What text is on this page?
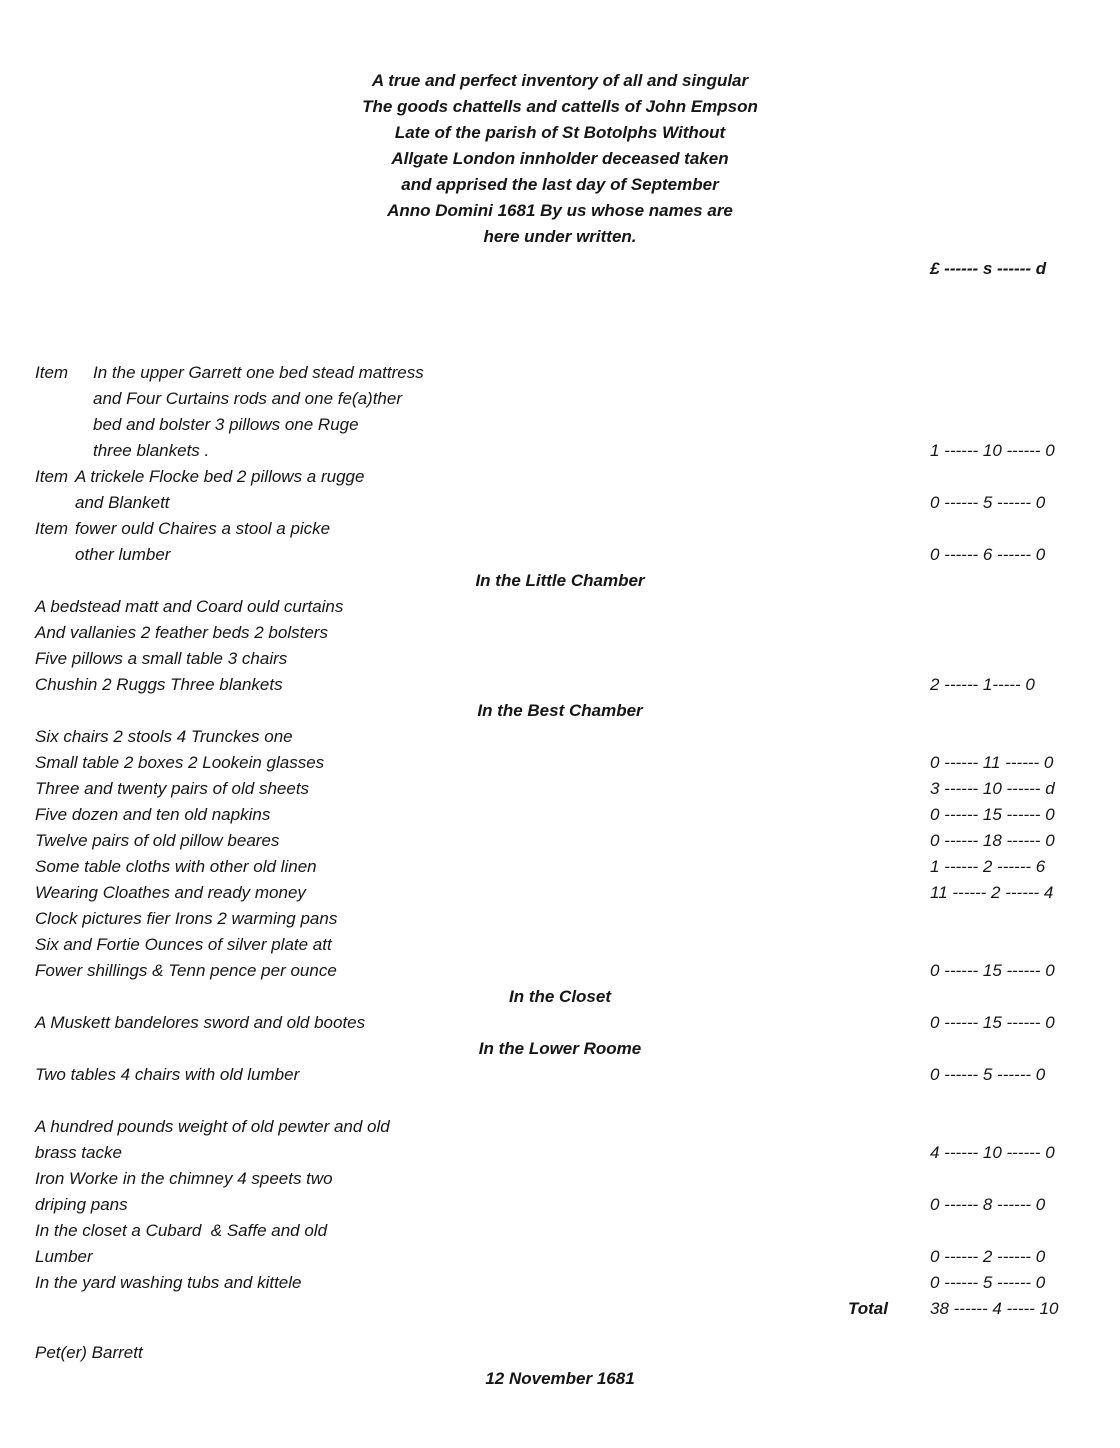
A true and perfect inventory of all and singular
The goods chattells and cattells of John Empson
Late of the parish of St Botolphs Without
Allgate London innholder deceased taken
and apprised the last day of September
Anno Domini 1681 By us whose names are
here under written.
£ ------ s ------ d
Item	In the upper Garrett one bed stead mattress
and Four Curtains rods and one fe(a)ther
bed and bolster 3 pillows one Ruge
three blankets .	1 ------ 10 ------ 0
Item A trickele Flocke bed 2 pillows a rugge
and Blankett	0 ------ 5 ------ 0
Item fower ould Chaires a stool a picke
other lumber	0 ------ 6 ------ 0
In the Little Chamber
A bedstead matt and Coard ould curtains
And vallanies 2 feather beds 2 bolsters
Five pillows a small table 3 chairs
Chushin 2 Ruggs Three blankets	2 ------ 1----- 0
In the Best Chamber
Six chairs 2 stools 4 Trunckes one
Small table 2 boxes 2 Lookein glasses	0 ------ 11 ------ 0
Three and twenty pairs of old sheets	3 ------ 10 ------ d
Five dozen and ten old napkins	0 ------ 15 ------ 0
Twelve pairs of old pillow beares	0 ------ 18 ------ 0
Some table cloths with other old linen	1 ------ 2 ------ 6
Wearing Cloathes and ready money	11 ------ 2 ------ 4
Clock pictures fier Irons 2 warming pans
Six and Fortie Ounces of silver plate att
Fower shillings & Tenn pence per ounce	0 ------ 15 ------ 0
In the Closet
A Muskett bandelores sword and old bootes	0 ------ 15 ------ 0
In the Lower Roome
Two tables 4 chairs with old lumber	0 ------ 5 ------ 0
A hundred pounds weight of old pewter and old
brass tacke	4 ------ 10 ------ 0
Iron Worke in the chimney 4 speets two
driping pans	0 ------ 8 ------ 0
In the closet a Cubard  & Saffe and old
Lumber	0 ------ 2 ------ 0
In the yard washing tubs and kittele	0 ------ 5 ------ 0
Total 38 ------ 4 ----- 10
Pet(er) Barrett
12 November 1681
